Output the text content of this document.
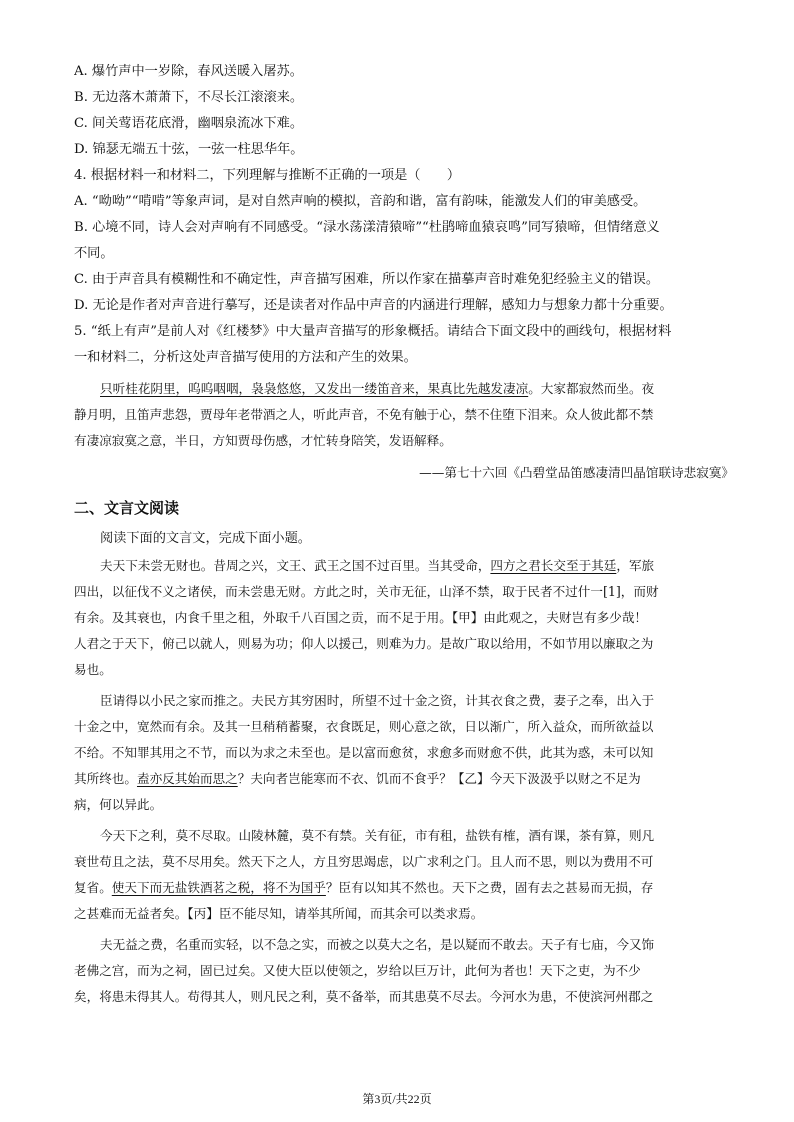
A. 爆竹声中一岁除，春风送暖入屠苏。
B. 无边落木萧萧下，不尽长江滚滚来。
C. 间关莺语花底滑，幽咽泉流冰下难。
D. 锦瑟无端五十弦，一弦一柱思华年。
4. 根据材料一和材料二，下列理解与推断不正确的一项是（　　）
A. “呦呦”“啃啃”等象声词，是对自然声响的模拟，音韵和谐，富有韵味，能激发人们的审美感受。
B. 心境不同，诗人会对声响有不同感受。“渌水荡漾清猿啼”“杜鹃啼血猿哀鸣”同写猿啼，但情绪意义
不同。
C. 由于声音具有模糊性和不确定性，声音描写困难，所以作家在描摹声音时难免犯经验主义的错误。
D. 无论是作者对声音进行摹写，还是读者对作品中声音的内涵进行理解，感知力与想象力都十分重要。
5. “纸上有声”是前人对《红楼梦》中大量声音描写的形象概括。请结合下面文段中的画线句，根据材料
一和材料二，分析这处声音描写使用的方法和产生的效果。
只听桂花阴里，呜呜咽咽，袅袅悠悠，又发出一缕笛音来，果真比先越发凄凉。大家都寂然而坐。夜
静月明，且笛声悲怨，贾母年老带酒之人，听此声音，不免有触于心，禁不住堕下泪来。众人彼此都不禁
有凄凉寂寞之意，半日，方知贾母伤感，才忙转身陪笑，发语解释。
——第七十六回《凸碧堂品笛感凄清凹晶馆联诗悲寂寞》
二、文言文阅读
阅读下面的文言文，完成下面小题。
夫天下未尝无财也。昔周之兴，文王、武王之国不过百里。当其受命，四方之君长交至于其廷，军旅
四出，以征伐不义之诸侯，而未尝患无财。方此之时，关市无征，山泽不禁，取于民者不过什一[1]，而财
有余。及其衰也，内食千里之租，外取千八百国之贡，而不足于用。【甲】由此观之，夫财岂有多少哉！
人君之于天下，俯己以就人，则易为功；仰人以援己，则难为力。是故广取以给用，不如节用以廉取之为
易也。
臣请得以小民之家而推之。夫民方其穷困时，所望不过十金之资，计其衣食之费，妻子之奉，出入于
十金之中，宽然而有余。及其一旦稍稍蓄聚，衣食既足，则心意之欲，日以渐广，所入益众，而所欲益以
不给。不知罪其用之不节，而以为求之未至也。是以富而愈贫，求愈多而财愈不供，此其为惑，未可以知
其所终也。盍亦反其始而思之？夫向者岂能寒而不衣、饥而不食乎？【乙】今天下汲汲乎以财之不足为
病，何以异此。
今天下之利，莫不尽取。山陵林麓，莫不有禁。关有征，市有租，盐铁有榷，酒有课，茶有算，则凡
衰世苟且之法，莫不尽用矣。然天下之人，方且穷思竭虑，以广求利之门。且人而不思，则以为费用不可
复省。使天下而无盐铁酒茗之税，将不为国乎？臣有以知其不然也。天下之费，固有去之甚易而无损，存
之甚难而无益者矣。【丙】臣不能尽知，请举其所闻，而其余可以类求焉。
夫无益之费，名重而实轻，以不急之实，而被之以莫大之名，是以疑而不敢去。天子有七庙，今又饰
老佛之宫，而为之祠，固已过矣。又使大臣以使领之，岁给以巨万计，此何为者也！天下之吏，为不少
矣，将患未得其人。苟得其人，则凡民之利，莫不备举，而其患莫不尽去。今河水为患，不使滨河州郡之
第3页/共22页
